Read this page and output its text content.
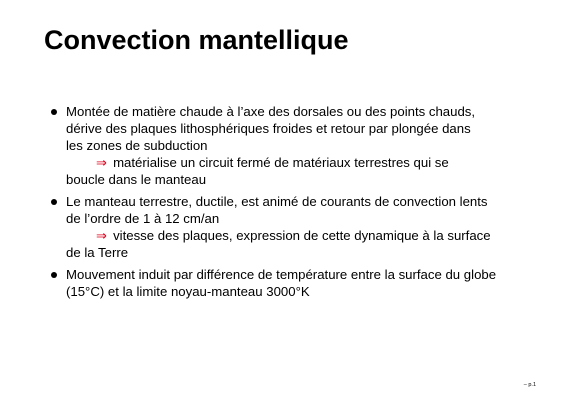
Convection mantellique
Montée de matière chaude à l’axe des dorsales ou des points chauds,
dérive des plaques lithosphériques froides et retour par plongée dans
les zones de subduction
⇒ matérialise un circuit fermé de matériaux terrestres qui se
boucle dans le manteau
Le manteau terrestre, ductile, est animé de courants de convection lents
de l’ordre de 1 à 12 cm/an
⇒ vitesse des plaques, expression de cette dynamique à la surface
de la Terre
Mouvement induit par différence de température entre la surface du globe
(15°C) et la limite noyau-manteau 3000°K
– p.1
